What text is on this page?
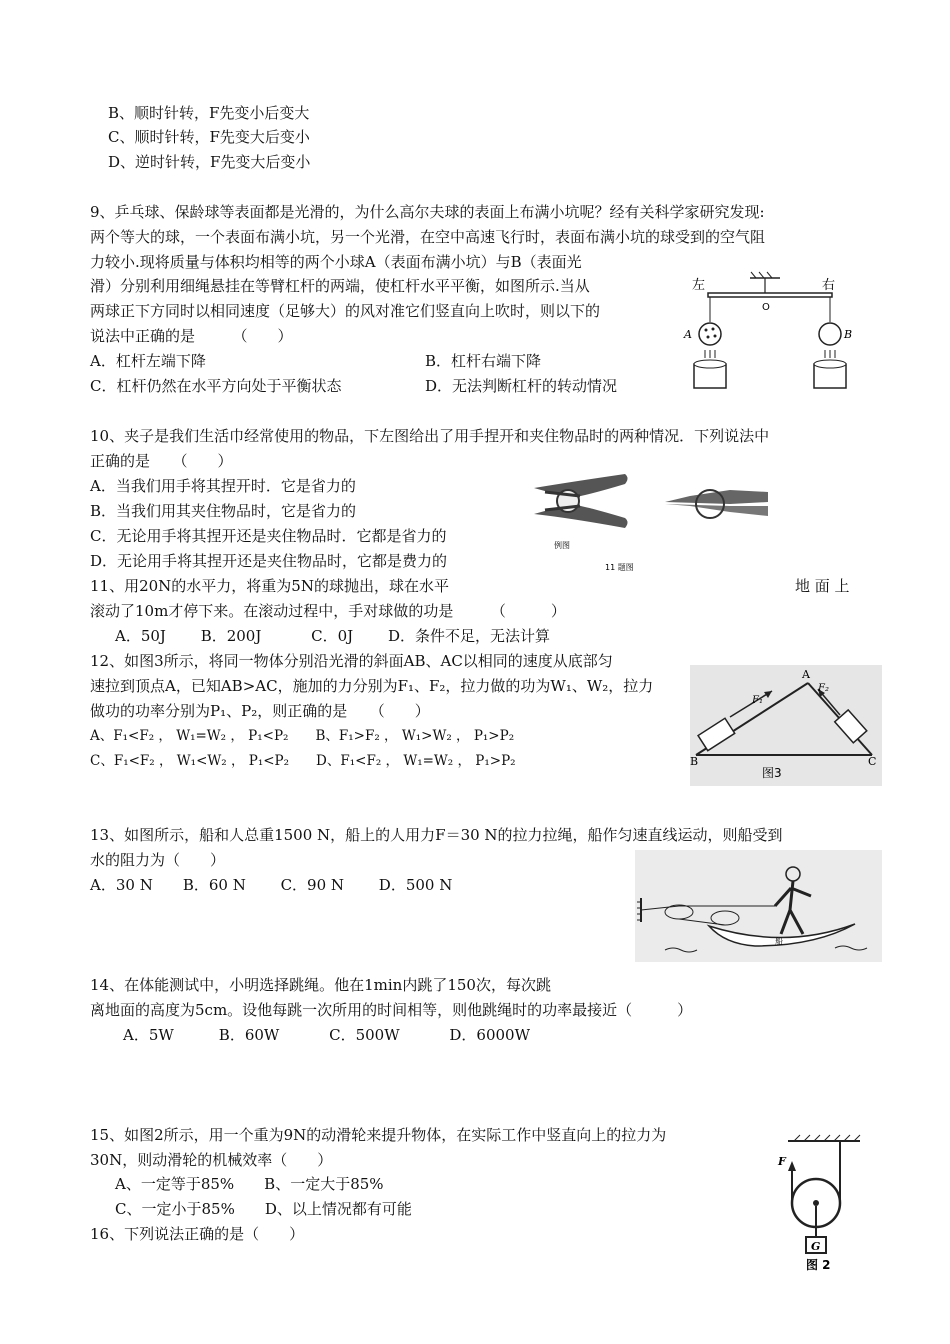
B、顺时针转，F先变小后变大
C、顺时针转，F先变大后变小
D、逆时针转，F先变大后变小
9、乒乓球、保龄球等表面都是光滑的，为什么高尔夫球的表面上布满小坑呢？经有关科学家研究发现:
两个等大的球，一个表面布满小坑，另一个光滑，在空中高速飞行时，表面布满小坑的球受到的空气阻
力较小.现将质量与体积均相等的两个小球A（表面布满小坑）与B（表面光
滑）分别利用细绳悬挂在等臂杠杆的两端，使杠杆水平平衡，如图所示.当从
两球正下方同时以相同速度（足够大）的风对准它们竖直向上吹时，则以下的
说法中正确的是　　　（　　）
A．杠杆左端下降	B．杠杆右端下降
C．杠杆仍然在水平方向处于平衡状态	D．无法判断杠杆的转动情况
左	右
O
A	B
10、夹子是我们生活巾经常使用的物品，下左图给出了用手捏开和夹住物品时的两种情况．下列说法中
正确的是　　（　　）
A．当我们用手将其捏开时．它是省力的
B．当我们用其夹住物品时，它是省力的
C．无论用手将其捏开还是夹住物品时．它都是省力的
D．无论用手将其捏开还是夹住物品时，它都是费力的
例图
11 题图
11、用20N的水平力，将重为5N的球抛出，球在水平	地 面 上
滚动了10m才停下来。在滚动过程中，手对球做的功是　　　（　　　）
A．50J　　 B．200J　　　 C．0J　　 D．条件不足，无法计算
12、如图3所示，将同一物体分别沿光滑的斜面AB、AC以相同的速度从底部匀
速拉到顶点A，已知AB>AC，施加的力分别为F₁、F₂，拉力做的功为W₁、W₂，拉力
做功的功率分别为P₁、P₂，则正确的是　　（　　）
A、F₁<F₂ ， W₁=W₂ ， P₁<P₂　　B、F₁>F₂ ， W₁>W₂ ， P₁>P₂
C、F₁<F₂ ， W₁<W₂ ， P₁<P₂　　D、F₁<F₂ ， W₁=W₂ ， P₁>P₂
A
B	C
F₁
F₂
图3
13、如图所示，船和人总重1500 N，船上的人用力F＝30 N的拉力拉绳，船作匀速直线运动，则船受到
水的阻力为（　　）
A．30 N　　B．60 N　　 C．90 N　　 D．500 N
船
14、在体能测试中，小明选择跳绳。他在1min内跳了150次，每次跳
离地面的高度为5cm。设他每跳一次所用的时间相等，则他跳绳时的功率最接近（　　　）
A．5W　　　B．60W　　　 C．500W　　　 D．6000W
15、如图2所示，用一个重为9N的动滑轮来提升物体，在实际工作中竖直向上的拉力为
30N，则动滑轮的机械效率（　　）
A、一定等于85%　　B、一定大于85%
C、一定小于85%　　D、以上情况都有可能
16、下列说法正确的是（　　）
F
G
图 2
